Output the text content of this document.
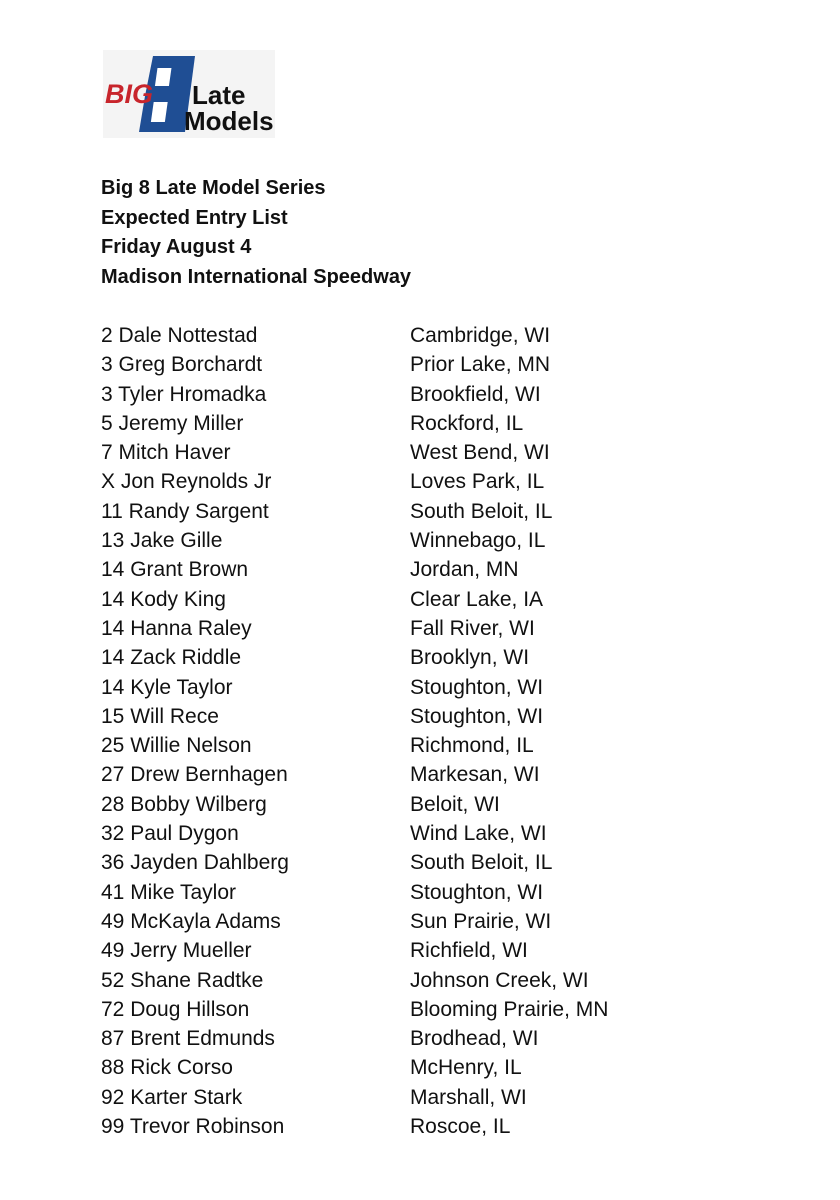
BIG Late
Models
Big 8 Late Model Series
Expected Entry List
Friday August 4
Madison International Speedway
2 Dale Nottestad	Cambridge, WI
3 Greg Borchardt	Prior Lake, MN
3 Tyler Hromadka	Brookfield, WI
5 Jeremy Miller	Rockford, IL
7 Mitch Haver	West Bend, WI
X Jon Reynolds Jr	Loves Park, IL
11 Randy Sargent	South Beloit, IL
13 Jake Gille	Winnebago, IL
14 Grant Brown	Jordan, MN
14 Kody King	Clear Lake, IA
14 Hanna Raley	Fall River, WI
14 Zack Riddle	Brooklyn, WI
14 Kyle Taylor	Stoughton, WI
15 Will Rece	Stoughton, WI
25 Willie Nelson	Richmond, IL
27 Drew Bernhagen	Markesan, WI
28 Bobby Wilberg	Beloit, WI
32 Paul Dygon	Wind Lake, WI
36 Jayden Dahlberg	South Beloit, IL
41 Mike Taylor	Stoughton, WI
49 McKayla Adams	Sun Prairie, WI
49 Jerry Mueller	Richfield, WI
52 Shane Radtke	Johnson Creek, WI
72 Doug Hillson	Blooming Prairie, MN
87 Brent Edmunds	Brodhead, WI
88 Rick Corso	McHenry, IL
92 Karter Stark	Marshall, WI
99 Trevor Robinson	Roscoe, IL
